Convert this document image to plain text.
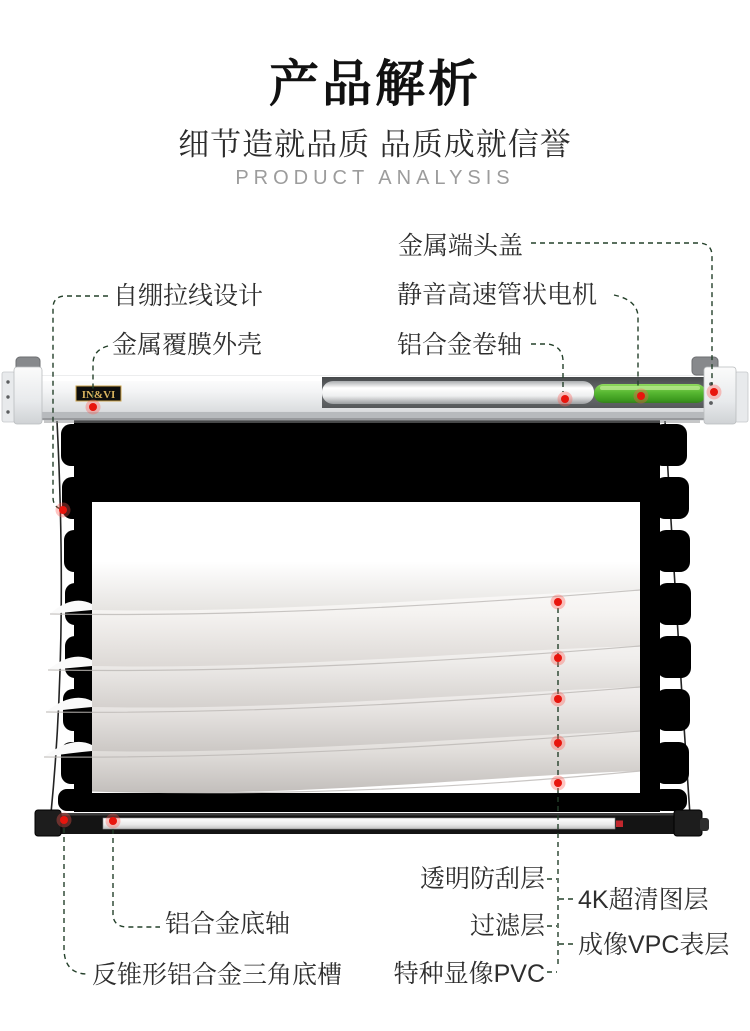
产品解析
细节造就品质 品质成就信誉
PRODUCT ANALYSIS
IN&VI
金属端头盖
自绷拉线设计	静音高速管状电机
金属覆膜外壳	铝合金卷轴
透明防刮层
4K超清图层
过滤层
成像VPC表层
特种显像PVC
铝合金底轴
反锥形铝合金三角底槽
